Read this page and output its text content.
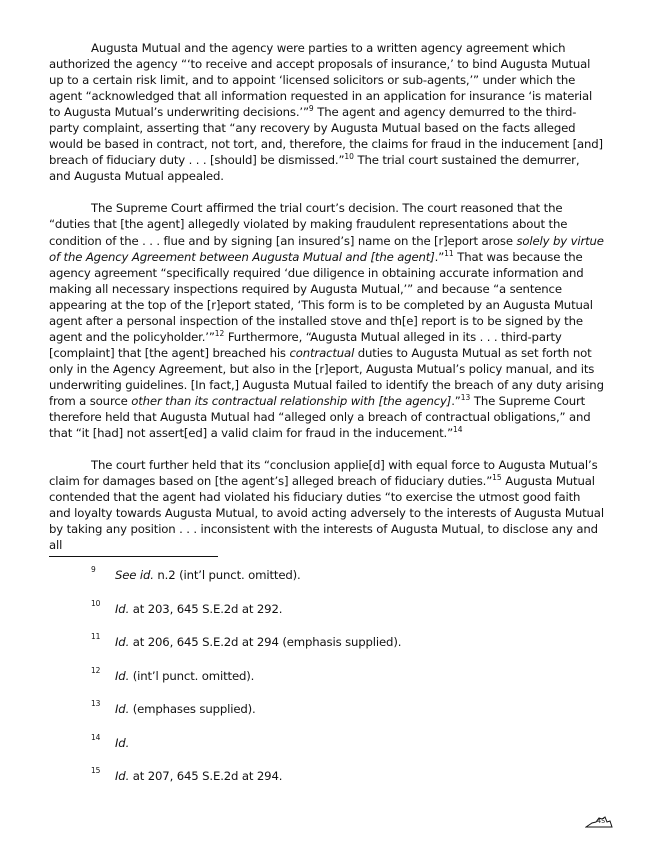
Augusta Mutual and the agency were parties to a written agency agreement which authorized the agency “‘to receive and accept proposals of insurance,’ to bind Augusta Mutual up to a certain risk limit, and to appoint ‘licensed solicitors or sub-agents,’” under which the agent “acknowledged that all information requested in an application for insurance ‘is material to Augusta Mutual’s underwriting decisions.’”$^9$ The agent and agency demurred to the third-party complaint, asserting that “any recovery by Augusta Mutual based on the facts alleged would be based in contract, not tort, and, therefore, the claims for fraud in the inducement [and] breach of fiduciary duty . . . [should] be dismissed.”$^{10}$ The trial court sustained the demurrer, and Augusta Mutual appealed.

The Supreme Court affirmed the trial court’s decision. The court reasoned that the “duties that [the agent] allegedly violated by making fraudulent representations about the condition of the . . . flue and by signing [an insured’s] name on the [r]eport arose solely by virtue of the Agency Agreement between Augusta Mutual and [the agent].”$^{11}$ That was because the agency agreement “specifically required ‘due diligence in obtaining accurate information and making all necessary inspections required by Augusta Mutual,’” and because “a sentence appearing at the top of the [r]eport stated, ‘This form is to be completed by an Augusta Mutual agent after a personal inspection of the installed stove and th[e] report is to be signed by the agent and the policyholder.’”$^{12}$ Furthermore, “Augusta Mutual alleged in its . . . third-party [complaint] that [the agent] breached his contractual duties to Augusta Mutual as set forth not only in the Agency Agreement, but also in the [r]eport, Augusta Mutual’s policy manual, and its underwriting guidelines. [In fact,] Augusta Mutual failed to identify the breach of any duty arising from a source other than its contractual relationship with [the agency].”$^{13}$ The Supreme Court therefore held that Augusta Mutual had “alleged only a breach of contractual obligations,” and that “it [had] not assert[ed] a valid claim for fraud in the inducement.”$^{14}$

The court further held that its “conclusion applie[d] with equal force to Augusta Mutual’s claim for damages based on [the agent’s] alleged breach of fiduciary duties.”$^{15}$ Augusta Mutual contended that the agent had violated his fiduciary duties “to exercise the utmost good faith and loyalty towards Augusta Mutual, to avoid acting adversely to the interests of Augusta Mutual by taking any position . . . inconsistent with the interests of Augusta Mutual, to disclose any and all

9 See id. n.2 (int’l punct. omitted).
10 Id. at 203, 645 S.E.2d at 292.
11 Id. at 206, 645 S.E.2d at 294 (emphasis supplied).
12 Id. (int’l punct. omitted).
13 Id. (emphases supplied).
14 Id.
15 Id. at 207, 645 S.E.2d at 294.
45
